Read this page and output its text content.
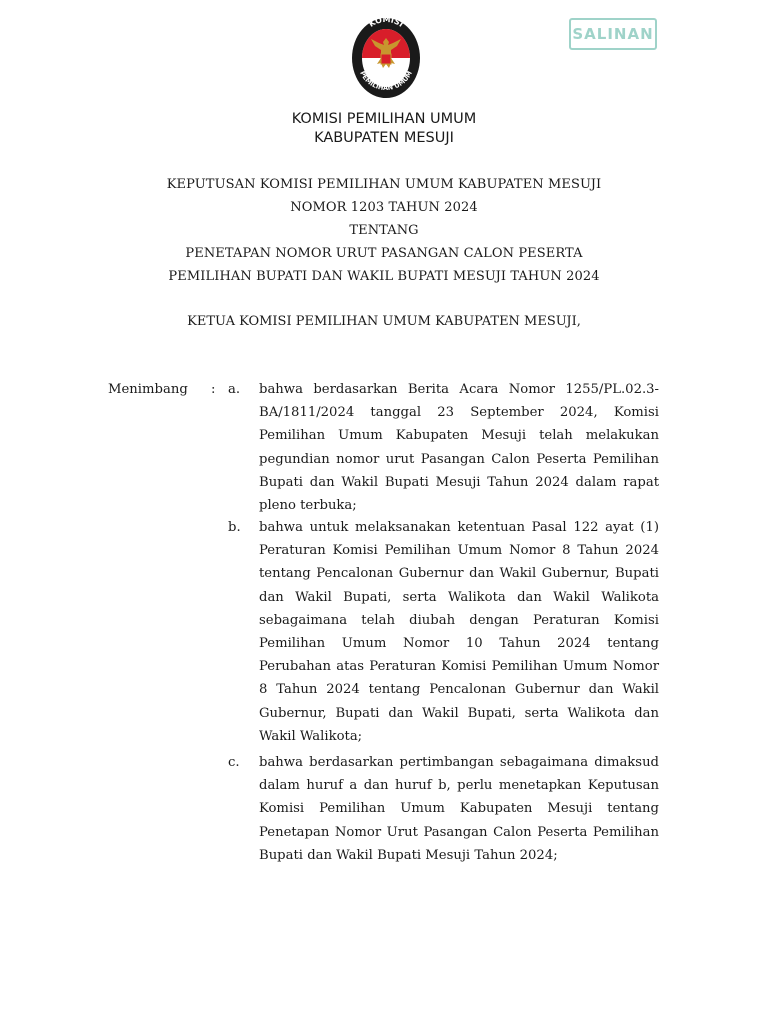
KOMISI
PEMILIHAN UMUM
SALINAN
KOMISI PEMILIHAN UMUM
KABUPATEN MESUJI
KEPUTUSAN KOMISI PEMILIHAN UMUM KABUPATEN MESUJI
NOMOR 1203 TAHUN 2024
TENTANG
PENETAPAN NOMOR URUT PASANGAN CALON PESERTA
PEMILIHAN BUPATI DAN WAKIL BUPATI MESUJI TAHUN 2024
KETUA KOMISI PEMILIHAN UMUM KABUPATEN MESUJI,
Menimbang : a. bahwa berdasarkan Berita Acara Nomor 1255/PL.02.3-BA/1811/2024 tanggal 23 September 2024, Komisi Pemilihan Umum Kabupaten Mesuji telah melakukan pegundian nomor urut Pasangan Calon Peserta Pemilihan Bupati dan Wakil Bupati Mesuji Tahun 2024 dalam rapat pleno terbuka;
b. bahwa untuk melaksanakan ketentuan Pasal 122 ayat (1) Peraturan Komisi Pemilihan Umum Nomor 8 Tahun 2024 tentang Pencalonan Gubernur dan Wakil Gubernur, Bupati dan Wakil Bupati, serta Walikota dan Wakil Walikota sebagaimana telah diubah dengan Peraturan Komisi Pemilihan Umum Nomor 10 Tahun 2024 tentang Perubahan atas Peraturan Komisi Pemilihan Umum Nomor 8 Tahun 2024 tentang Pencalonan Gubernur dan Wakil Gubernur, Bupati dan Wakil Bupati, serta Walikota dan Wakil Walikota;
c. bahwa berdasarkan pertimbangan sebagaimana dimaksud dalam huruf a dan huruf b, perlu menetapkan Keputusan Komisi Pemilihan Umum Kabupaten Mesuji tentang Penetapan Nomor Urut Pasangan Calon Peserta Pemilihan Bupati dan Wakil Bupati Mesuji Tahun 2024;
